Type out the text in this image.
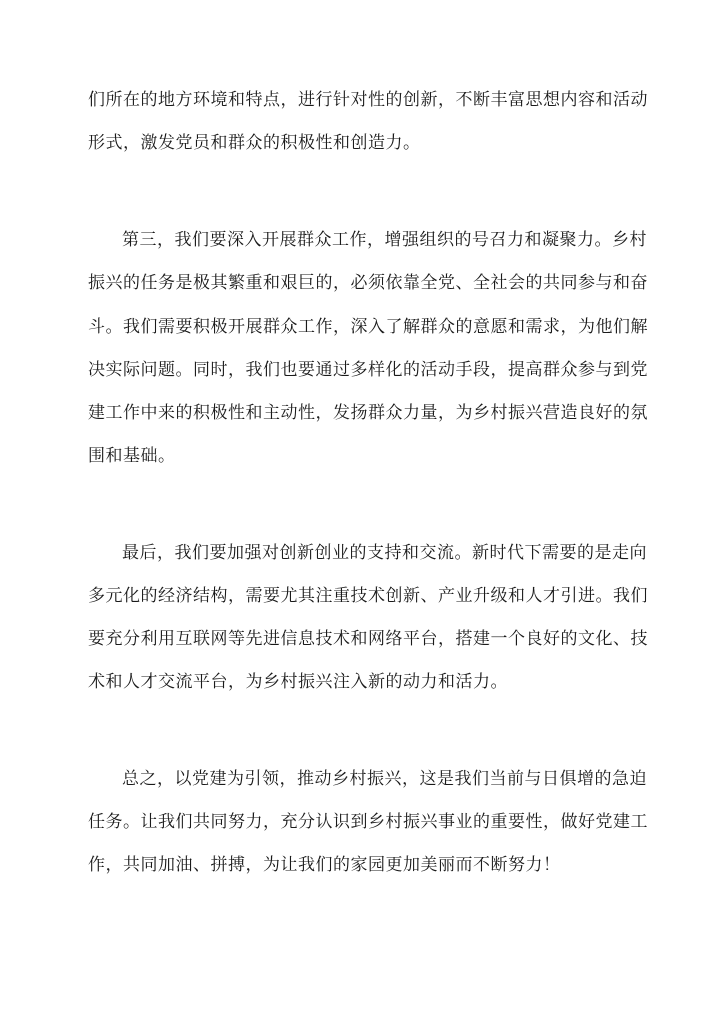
们所在的地方环境和特点，进行针对性的创新，不断丰富思想内容和活动
形式，激发党员和群众的积极性和创造力。
第三，我们要深入开展群众工作，增强组织的号召力和凝聚力。乡村
振兴的任务是极其繁重和艰巨的，必须依靠全党、全社会的共同参与和奋
斗。我们需要积极开展群众工作，深入了解群众的意愿和需求，为他们解
决实际问题。同时，我们也要通过多样化的活动手段，提高群众参与到党
建工作中来的积极性和主动性，发扬群众力量，为乡村振兴营造良好的氛
围和基础。
最后，我们要加强对创新创业的支持和交流。新时代下需要的是走向
多元化的经济结构，需要尤其注重技术创新、产业升级和人才引进。我们
要充分利用互联网等先进信息技术和网络平台，搭建一个良好的文化、技
术和人才交流平台，为乡村振兴注入新的动力和活力。
总之，以党建为引领，推动乡村振兴，这是我们当前与日俱增的急迫
任务。让我们共同努力，充分认识到乡村振兴事业的重要性，做好党建工
作，共同加油、拼搏，为让我们的家园更加美丽而不断努力！
